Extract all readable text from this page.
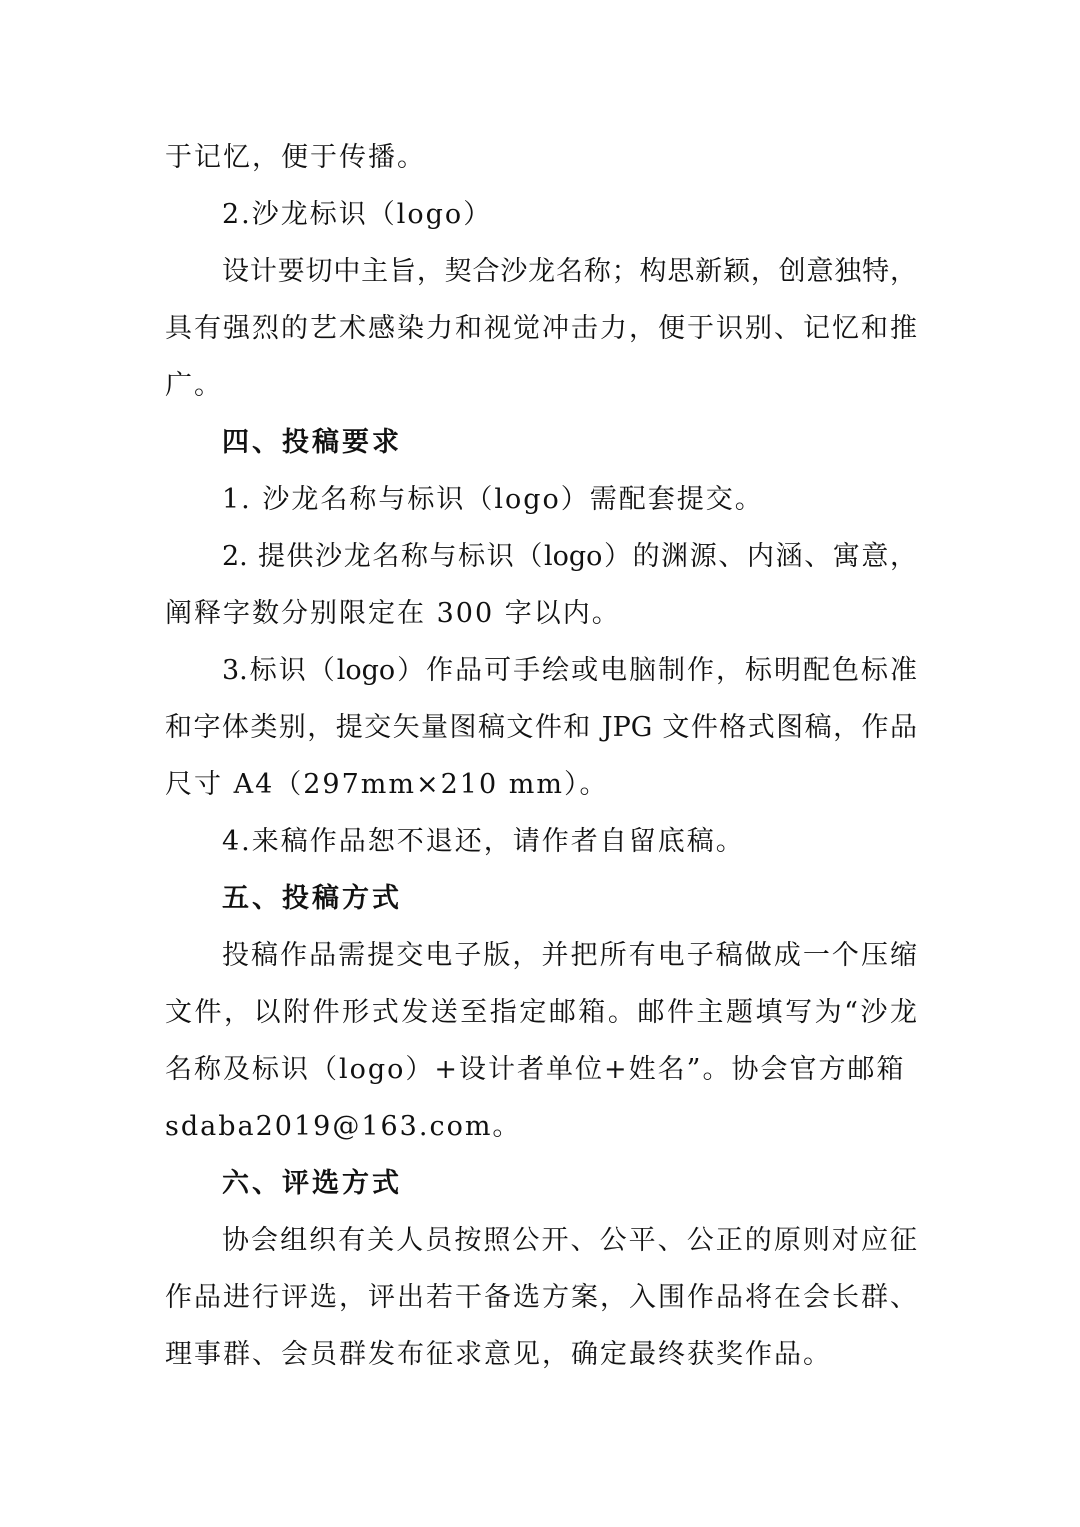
于记忆，便于传播。

2.沙龙标识（logo）

设计要切中主旨，契合沙龙名称；构思新颖，创意独特，

具有强烈的艺术感染力和视觉冲击力，便于识别、记忆和推

广。

四、投稿要求

1. 沙龙名称与标识（logo）需配套提交。

2. 提供沙龙名称与标识（logo）的渊源、内涵、寓意，

阐释字数分别限定在 300 字以内。

3.标识（logo）作品可手绘或电脑制作，标明配色标准

和字体类别，提交矢量图稿文件和 JPG 文件格式图稿，作品

尺寸 A4（297mm×210 mm）。

4.来稿作品恕不退还，请作者自留底稿。

五、投稿方式

投稿作品需提交电子版，并把所有电子稿做成一个压缩

文件，以附件形式发送至指定邮箱。邮件主题填写为“沙龙

名称及标识（logo）+设计者单位+姓名”。协会官方邮箱

sdaba2019@163.com。

六、评选方式

协会组织有关人员按照公开、公平、公正的原则对应征

作品进行评选，评出若干备选方案，入围作品将在会长群、

理事群、会员群发布征求意见，确定最终获奖作品。
